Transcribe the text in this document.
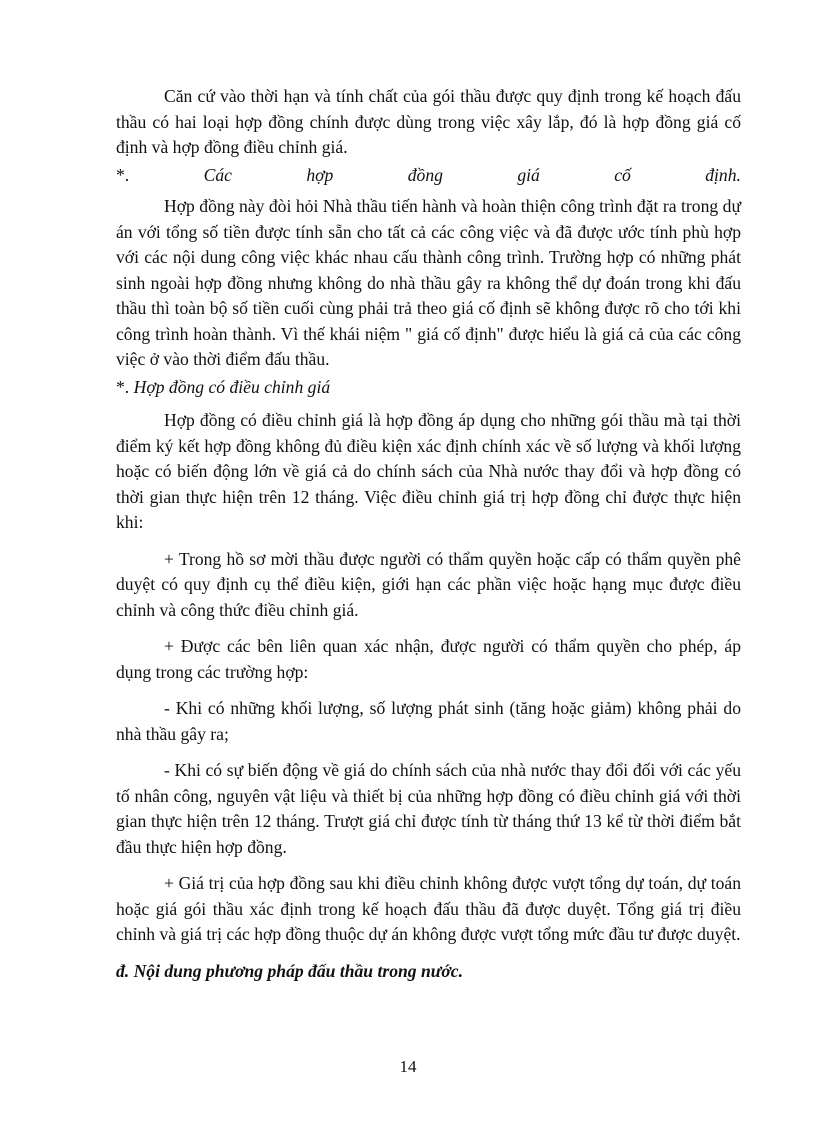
Căn cứ vào thời hạn và tính chất của gói thầu được quy định trong kế hoạch đấu thầu có hai loại hợp đồng chính được dùng trong việc xây lắp, đó là hợp đồng giá cố định và hợp đồng điều chỉnh giá.

*.	Các	hợp	đồng	giá	cố	định.

Hợp đồng này đòi hỏi Nhà thầu tiến hành và hoàn thiện công trình đặt ra trong dự án với tổng số tiền được tính sẵn cho tất cả các công việc và đã được ước tính phù hợp với các nội dung công việc khác nhau cấu thành công trình. Trường hợp có những phát sinh ngoài hợp đồng nhưng không do nhà thầu gây ra không thể dự đoán trong khi đấu thầu thì toàn bộ số tiền cuối cùng phải trả theo giá cố định sẽ không được rõ cho tới khi công trình hoàn thành. Vì thế khái niệm " giá cố định" được hiểu là giá cả của các công việc ở vào thời điểm đấu thầu.

*. Hợp đồng có điều chỉnh giá

Hợp đồng có điều chỉnh giá là hợp đồng áp dụng cho những gói thầu mà tại thời điểm ký kết hợp đồng không đủ điều kiện xác định chính xác về số lượng và khối lượng hoặc có biến động lớn về giá cả do chính sách của Nhà nước thay đổi và hợp đồng có thời gian thực hiện trên 12 tháng. Việc điều chỉnh giá trị hợp đồng chỉ được thực hiện khi:

+ Trong hồ sơ mời thầu được người có thẩm quyền hoặc cấp có thẩm quyền phê duyệt có quy định cụ thể điều kiện, giới hạn các phần việc hoặc hạng mục được điều chỉnh và công thức điều chỉnh giá.

+ Được các bên liên quan xác nhận, được người có thẩm quyền cho phép, áp dụng trong các trường hợp:

- Khi có những khối lượng, số lượng phát sinh (tăng hoặc giảm) không phải do nhà thầu gây ra;

- Khi có sự biến động về giá do chính sách của nhà nước thay đổi đối với các yếu tố nhân công, nguyên vật liệu và thiết bị của những hợp đồng có điều chỉnh giá với thời gian thực hiện trên 12 tháng. Trượt giá chỉ được tính từ tháng thứ 13 kể từ thời điểm bắt đầu thực hiện hợp đồng.

+ Giá trị của hợp đồng sau khi điều chỉnh không được vượt tổng dự toán, dự toán hoặc giá gói thầu xác định trong kế hoạch đấu thầu đã được duyệt. Tổng giá trị điều chỉnh và giá trị các hợp đồng thuộc dự án không được vượt tổng mức đầu tư được duyệt.

đ. Nội dung phương pháp đấu thầu trong nước.
14
